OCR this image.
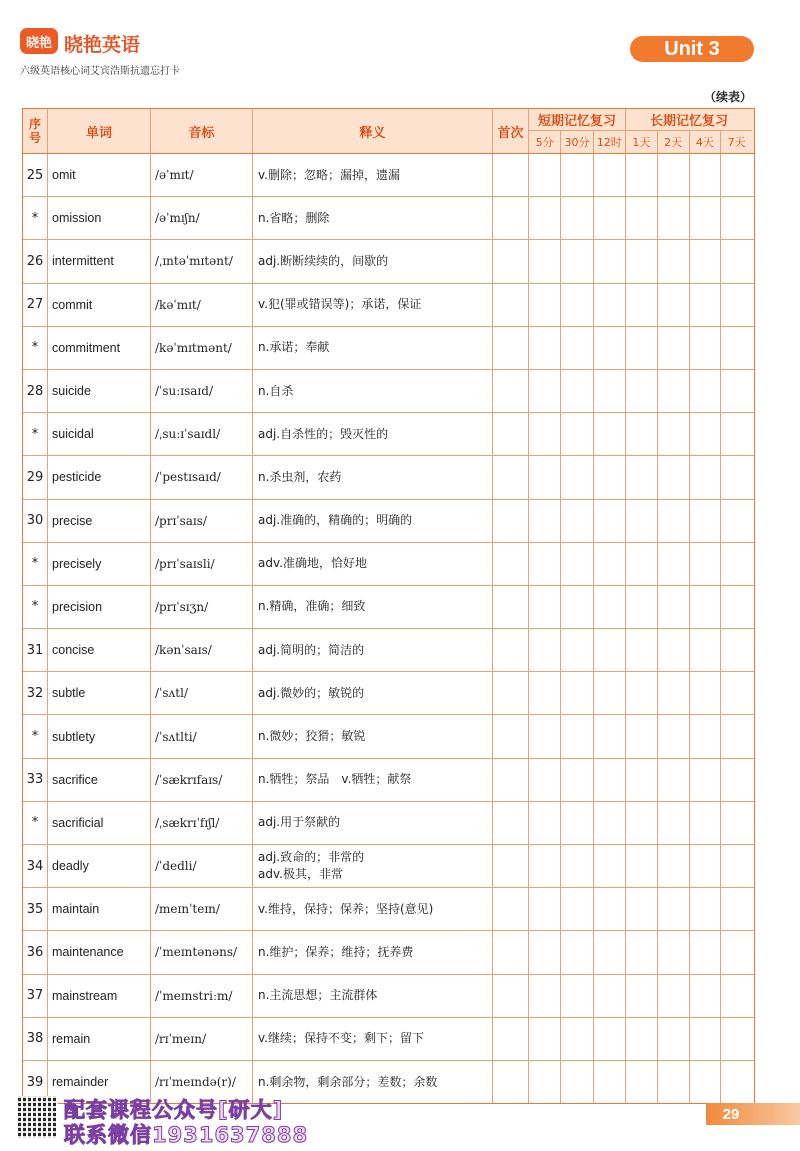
晓艳 晓艳英语
六级英语核心词艾宾浩斯抗遗忘打卡
Unit 3
（续表）
序
号	单词	音标	释义	首次
短期记忆复习
5分 30分 12时
长期记忆复习
1天	2天	4天	7天
25 omit	/əˈmɪt/	v.删除；忽略；漏掉，遗漏
*	omission	/əˈmɪʃn/	n.省略；删除
26 intermittent	/ˌɪntəˈmɪtənt/	adj.断断续续的，间歇的
27 commit	/kəˈmɪt/	v.犯(罪或错误等)；承诺，保证
*	commitment	/kəˈmɪtmənt/	n.承诺；奉献
28 suicide	/ˈsuːɪsaɪd/	n.自杀
*	suicidal	/ˌsuːɪˈsaɪdl/	adj.自杀性的；毁灭性的
29 pesticide	/ˈpestɪsaɪd/	n.杀虫剂，农药
30 precise	/prɪˈsaɪs/	adj.准确的，精确的；明确的
*	precisely	/prɪˈsaɪsli/	adv.准确地，恰好地
*	precision	/prɪˈsɪʒn/	n.精确，准确；细致
31 concise	/kənˈsaɪs/	adj.简明的；简洁的
32 subtle	/ˈsʌtl/	adj.微妙的；敏锐的
*	subtlety	/ˈsʌtlti/	n.微妙；狡猾；敏锐
33 sacrifice	/ˈsækrɪfaɪs/	n.牺牲；祭品　v.牺牲；献祭
*	sacrificial	/ˌsækrɪˈfɪʃl/	adj.用于祭献的
34 deadly	/ˈdedli/
adj.致命的；非常的
adv.极其，非常
35 maintain	/meɪnˈteɪn/	v.维持，保持；保养；坚持(意见)
36 maintenance	/ˈmeɪntənəns/	n.维护；保养；维持；抚养费
37 mainstream	/ˈmeɪnstriːm/	n.主流思想；主流群体
38 remain	/rɪˈmeɪn/	v.继续；保持不变；剩下；留下
39 remainder	/rɪˈmeɪndə(r)/	n.剩余物，剩余部分；差数；余数
配套课程公众号[研大]
联系微信1931637888
29
